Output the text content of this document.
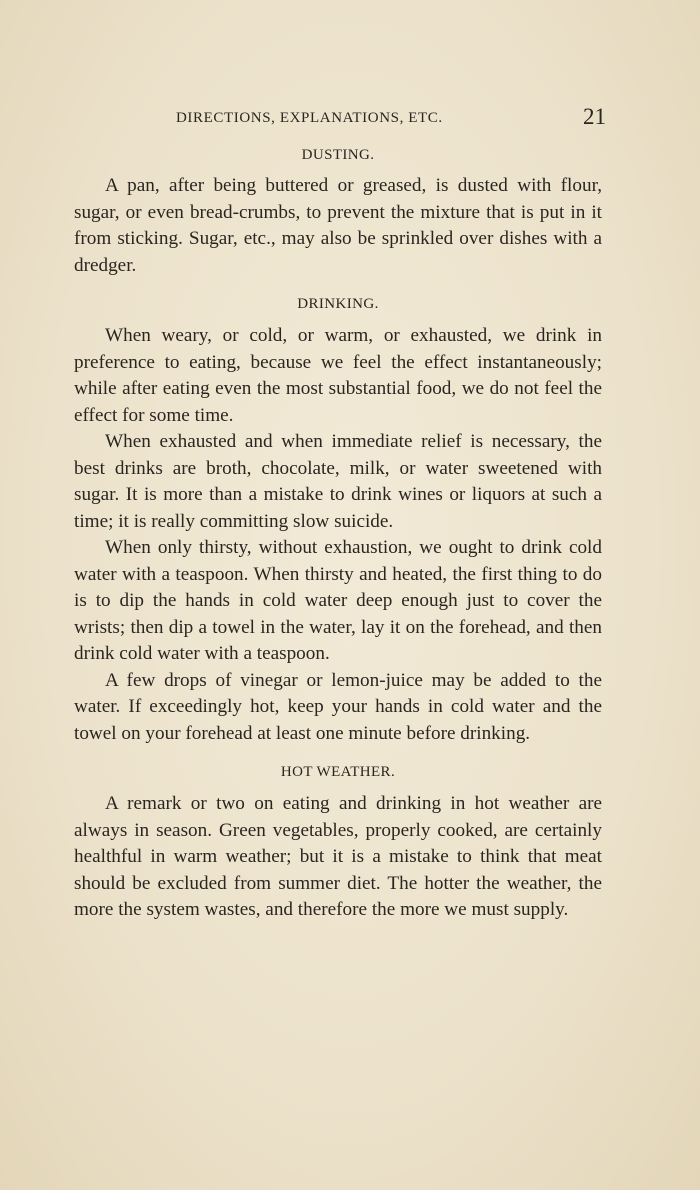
DIRECTIONS, EXPLANATIONS, ETC.	21
DUSTING.

A pan, after being buttered or greased, is dusted with flour, sugar, or even bread-crumbs, to prevent the mixture that is put in it from sticking. Sugar, etc., may also be sprinkled over dishes with a dredger.

DRINKING.

When weary, or cold, or warm, or exhausted, we drink in preference to eating, because we feel the effect instantaneously; while after eating even the most substantial food, we do not feel the effect for some time.

When exhausted and when immediate relief is necessary, the best drinks are broth, chocolate, milk, or water sweetened with sugar. It is more than a mistake to drink wines or liquors at such a time; it is really committing slow suicide.

When only thirsty, without exhaustion, we ought to drink cold water with a teaspoon. When thirsty and heated, the first thing to do is to dip the hands in cold water deep enough just to cover the wrists; then dip a towel in the water, lay it on the forehead, and then drink cold water with a teaspoon.

A few drops of vinegar or lemon-juice may be added to the water. If exceedingly hot, keep your hands in cold water and the towel on your forehead at least one minute before drinking.

HOT WEATHER.

A remark or two on eating and drinking in hot weather are always in season. Green vegetables, properly cooked, are certainly healthful in warm weather; but it is a mistake to think that meat should be excluded from summer diet. The hotter the weather, the more the system wastes, and therefore the more we must supply.
